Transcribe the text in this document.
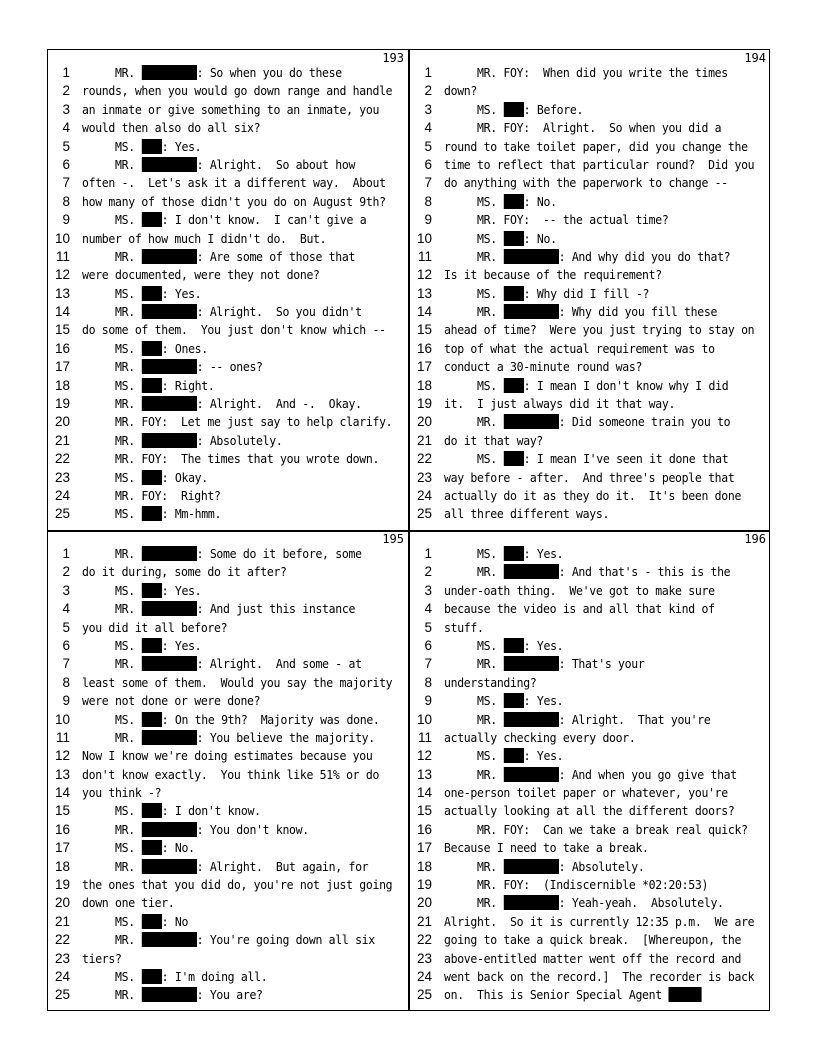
193
1 MR.	: So when you do these
2 rounds, when you would go down range and handle
3 an inmate or give something to an inmate, you
4 would then also do all six?
5 MS. : Yes.
6 MR.	: Alright.  So about how
7 often -.  Let's ask it a different way.  About
8 how many of those didn't you do on August 9th?
9 MS. : I don't know.  I can't give a
10 number of how much I didn't do.  But.
11 MR.	: Are some of those that
12 were documented, were they not done?
13 MS. : Yes.
14 MR.	: Alright.  So you didn't
15 do some of them.  You just don't know which --
16 MS. : Ones.
17 MR.	: -- ones?
18 MS. : Right.
19 MR.	: Alright.  And -.  Okay.
20 MR. FOY:  Let me just say to help clarify.
21 MR.	: Absolutely.
22 MR. FOY:  The times that you wrote down.
23 MS. : Okay.
24 MR. FOY:  Right?
25 MS. : Mm-hmm.
194
1 MR. FOY:  When did you write the times
2 down?
3 MS. : Before.
4 MR. FOY:  Alright.  So when you did a
5 round to take toilet paper, did you change the
6 time to reflect that particular round?  Did you
7 do anything with the paperwork to change --
8 MS. : No.
9 MR. FOY:  -- the actual time?
10 MS. : No.
11 MR.	: And why did you do that?
12 Is it because of the requirement?
13 MS. : Why did I fill -?
14 MR.	: Why did you fill these
15 ahead of time?  Were you just trying to stay on
16 top of what the actual requirement was to
17 conduct a 30-minute round was?
18 MS. : I mean I don't know why I did
19 it.  I just always did it that way.
20 MR.	: Did someone train you to
21 do it that way?
22 MS. : I mean I've seen it done that
23 way before - after.  And three's people that
24 actually do it as they do it.  It's been done
25 all three different ways.
195
1 MR.	: Some do it before, some
2 do it during, some do it after?
3 MS. : Yes.
4 MR.	: And just this instance
5 you did it all before?
6 MS. : Yes.
7 MR.	: Alright.  And some - at
8 least some of them.  Would you say the majority
9 were not done or were done?
10 MS. : On the 9th?  Majority was done.
11 MR.	: You believe the majority.
12 Now I know we're doing estimates because you
13 don't know exactly.  You think like 51% or do
14 you think -?
15 MS. : I don't know.
16 MR.	: You don't know.
17 MS. : No.
18 MR.	: Alright.  But again, for
19 the ones that you did do, you're not just going
20 down one tier.
21 MS. : No
22 MR.	: You're going down all six
23 tiers?
24 MS. : I'm doing all.
25 MR.	: You are?
196
1 MS. : Yes.
2 MR.	: And that's - this is the
3 under-oath thing.  We've got to make sure
4 because the video is and all that kind of
5 stuff.
6 MS. : Yes.
7 MR.	: That's your
8 understanding?
9 MS. : Yes.
10 MR.	: Alright.  That you're
11 actually checking every door.
12 MS. : Yes.
13 MR.	: And when you go give that
14 one-person toilet paper or whatever, you're
15 actually looking at all the different doors?
16 MR. FOY:  Can we take a break real quick?
17 Because I need to take a break.
18 MR.	: Absolutely.
19 MR. FOY:  (Indiscernible *02:20:53)
20 MR.	: Yeah-yeah.  Absolutely.
21 Alright.  So it is currently 12:35 p.m.  We are
22 going to take a quick break.  [Whereupon, the
23 above-entitled matter went off the record and
24 went back on the record.]  The recorder is back
25 on.  This is Senior Special Agent
